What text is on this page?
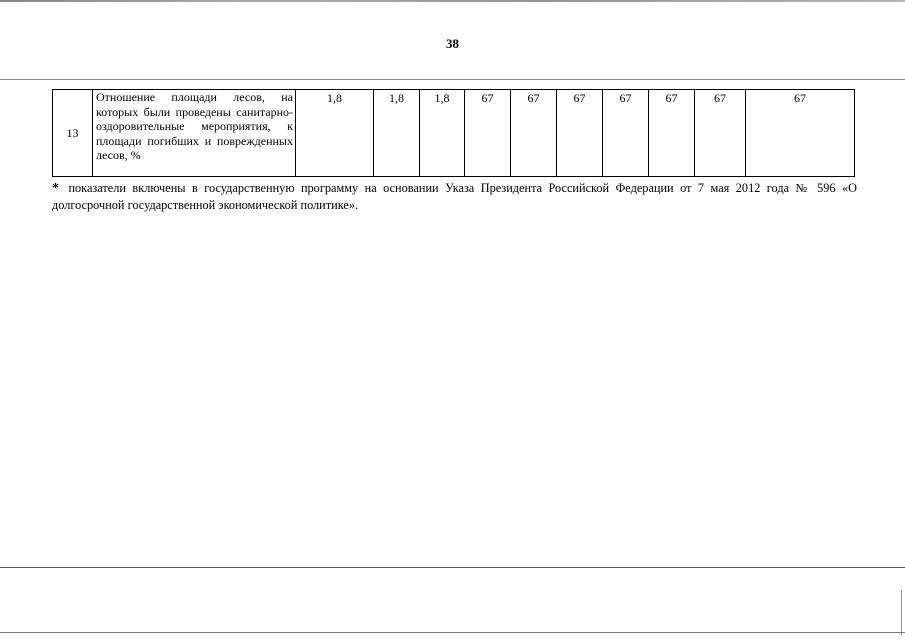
38
13	Отношение площади лесов, на которых были проведены санитарно-оздоровительные мероприятия, к площади погибших и поврежденных лесов, %	1,8	1,8	1,8	67	67	67	67	67	67	67
* показатели включены в государственную программу на основании Указа Президента Российской Федерации от 7 мая 2012 года № 596 «О долгосрочной государственной экономической политике».
